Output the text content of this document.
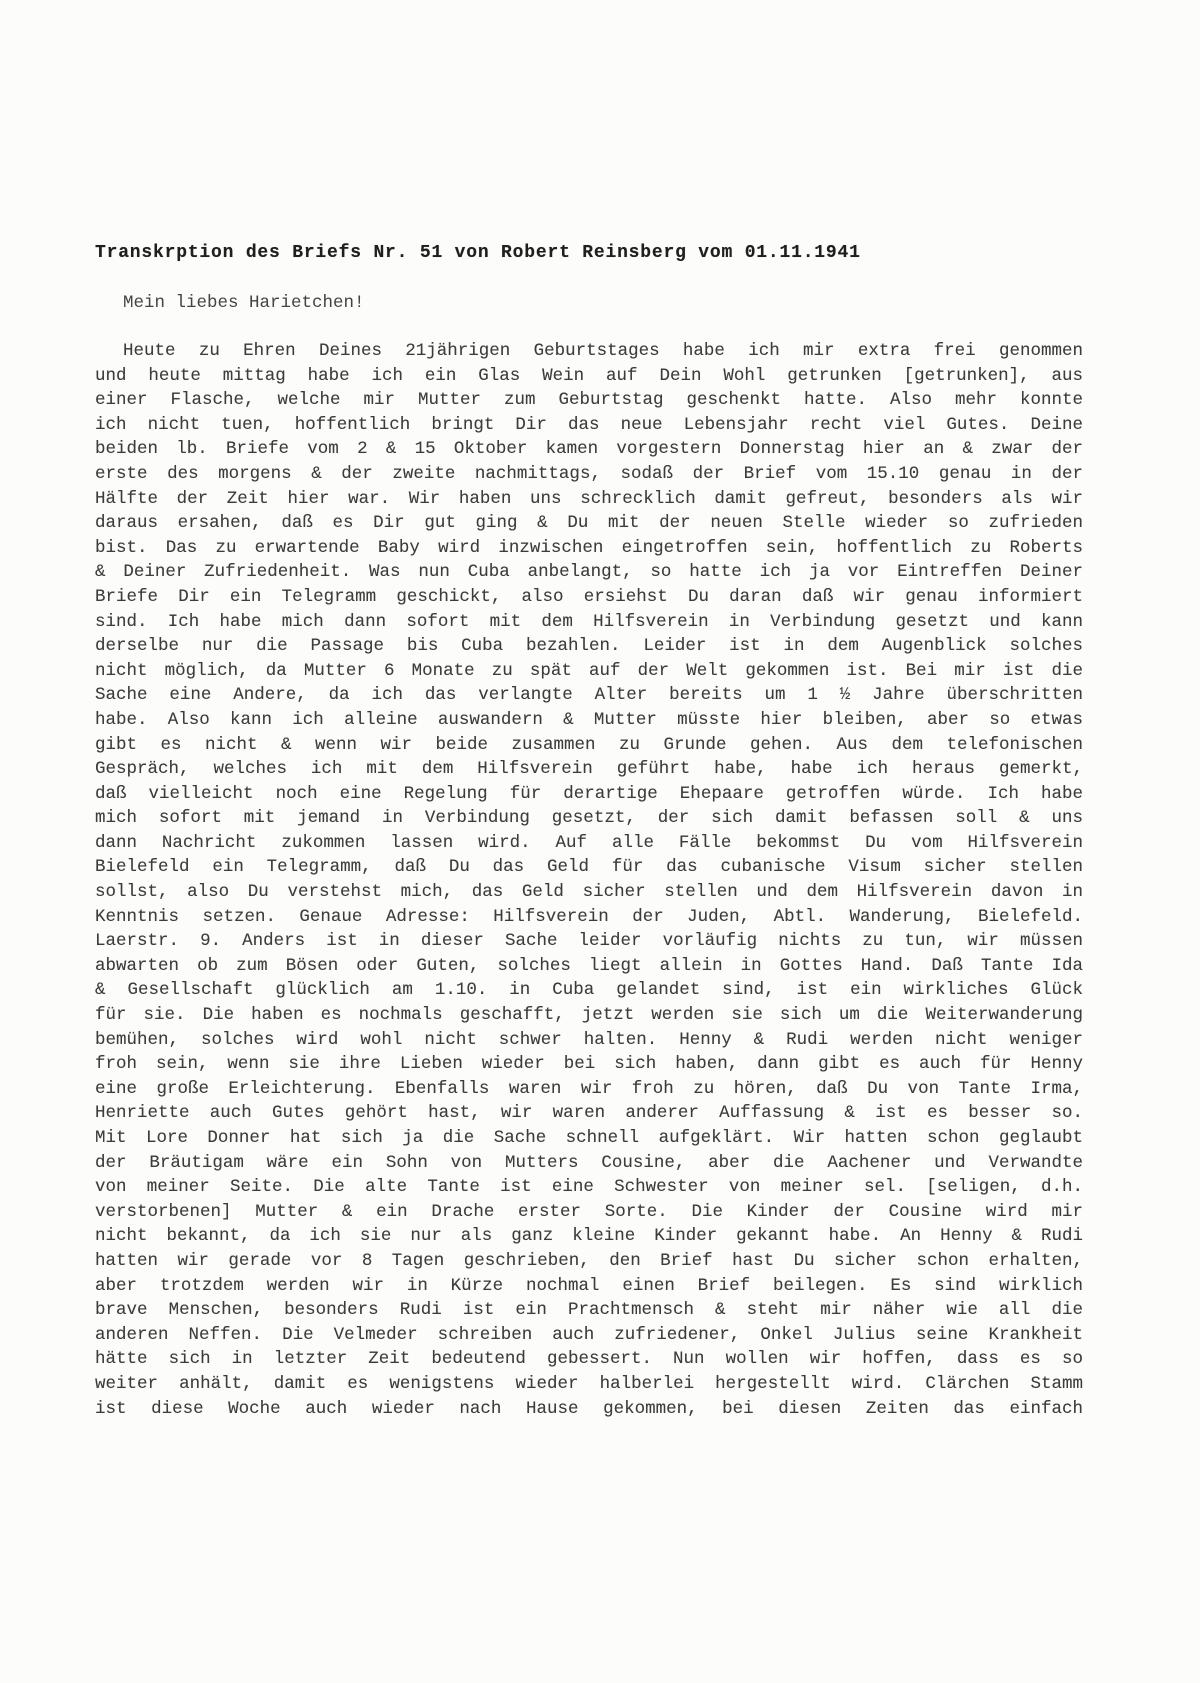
Transkrption des Briefs Nr. 51 von Robert Reinsberg vom 01.11.1941
Mein liebes Harietchen!
Heute zu Ehren Deines 21jährigen Geburtstages habe ich mir extra frei genommen
und heute mittag habe ich ein Glas Wein auf Dein Wohl getrunken [getrunken], aus
einer Flasche, welche mir Mutter zum Geburtstag geschenkt hatte. Also mehr konnte
ich nicht tuen, hoffentlich bringt Dir das neue Lebensjahr recht viel Gutes. Deine
beiden lb. Briefe vom 2 & 15 Oktober kamen vorgestern Donnerstag hier an & zwar der
erste des morgens & der zweite nachmittags, sodaß der Brief vom 15.10 genau in der
Hälfte der Zeit hier war. Wir haben uns schrecklich damit gefreut, besonders als wir
daraus ersahen, daß es Dir gut ging & Du mit der neuen Stelle wieder so zufrieden
bist. Das zu erwartende Baby wird inzwischen eingetroffen sein, hoffentlich zu Roberts
& Deiner Zufriedenheit. Was nun Cuba anbelangt, so hatte ich ja vor Eintreffen Deiner
Briefe Dir ein Telegramm geschickt, also ersiehst Du daran daß wir genau informiert
sind. Ich habe mich dann sofort mit dem Hilfsverein in Verbindung gesetzt und kann
derselbe nur die Passage bis Cuba bezahlen. Leider ist in dem Augenblick solches
nicht möglich, da Mutter 6 Monate zu spät auf der Welt gekommen ist. Bei mir ist die
Sache eine Andere, da ich das verlangte Alter bereits um 1 ½ Jahre überschritten
habe. Also kann ich alleine auswandern & Mutter müsste hier bleiben, aber so etwas
gibt es nicht & wenn wir beide zusammen zu Grunde gehen. Aus dem telefonischen
Gespräch, welches ich mit dem Hilfsverein geführt habe, habe ich heraus gemerkt,
daß vielleicht noch eine Regelung für derartige Ehepaare getroffen würde. Ich habe
mich sofort mit jemand in Verbindung gesetzt, der sich damit befassen soll & uns
dann Nachricht zukommen lassen wird. Auf alle Fälle bekommst Du vom Hilfsverein
Bielefeld ein Telegramm, daß Du das Geld für das cubanische Visum sicher stellen
sollst, also Du verstehst mich, das Geld sicher stellen und dem Hilfsverein davon in
Kenntnis setzen. Genaue Adresse: Hilfsverein der Juden, Abtl. Wanderung, Bielefeld.
Laerstr. 9. Anders ist in dieser Sache leider vorläufig nichts zu tun, wir müssen
abwarten ob zum Bösen oder Guten, solches liegt allein in Gottes Hand. Daß Tante Ida
& Gesellschaft glücklich am 1.10. in Cuba gelandet sind, ist ein wirkliches Glück
für sie. Die haben es nochmals geschafft, jetzt werden sie sich um die Weiterwanderung
bemühen, solches wird wohl nicht schwer halten. Henny & Rudi werden nicht weniger
froh sein, wenn sie ihre Lieben wieder bei sich haben, dann gibt es auch für Henny
eine große Erleichterung. Ebenfalls waren wir froh zu hören, daß Du von Tante Irma,
Henriette auch Gutes gehört hast, wir waren anderer Auffassung & ist es besser so.
Mit Lore Donner hat sich ja die Sache schnell aufgeklärt. Wir hatten schon geglaubt
der Bräutigam wäre ein Sohn von Mutters Cousine, aber die Aachener und Verwandte
von meiner Seite. Die alte Tante ist eine Schwester von meiner sel. [seligen, d.h.
verstorbenen] Mutter & ein Drache erster Sorte. Die Kinder der Cousine wird mir
nicht bekannt, da ich sie nur als ganz kleine Kinder gekannt habe. An Henny & Rudi
hatten wir gerade vor 8 Tagen geschrieben, den Brief hast Du sicher schon erhalten,
aber trotzdem werden wir in Kürze nochmal einen Brief beilegen. Es sind wirklich
brave Menschen, besonders Rudi ist ein Prachtmensch & steht mir näher wie all die
anderen Neffen. Die Velmeder schreiben auch zufriedener, Onkel Julius seine Krankheit
hätte sich in letzter Zeit bedeutend gebessert. Nun wollen wir hoffen, dass es so
weiter anhält, damit es wenigstens wieder halberlei hergestellt wird. Clärchen Stamm
ist diese Woche auch wieder nach Hause gekommen, bei diesen Zeiten das einfach
